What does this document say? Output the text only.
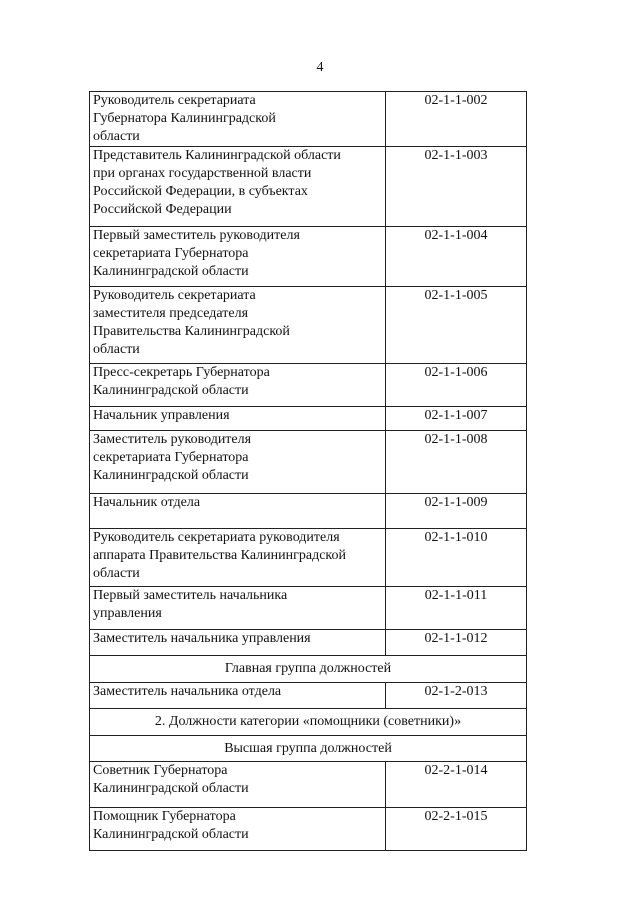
4
Руководитель секретариата Губернатора Калининградской области	02-1-1-002

Представитель Калининградской области при органах государственной власти Российской Федерации, в субъектах Российской Федерации	02-1-1-003

Первый заместитель руководителя секретариата Губернатора Калининградской области	02-1-1-004

Руководитель секретариата заместителя председателя Правительства Калининградской области	02-1-1-005

Пресс-секретарь Губернатора Калининградской области	02-1-1-006

Начальник управления	02-1-1-007

Заместитель руководителя секретариата Губернатора Калининградской области	02-1-1-008

Начальник отдела	02-1-1-009

Руководитель секретариата руководителя аппарата Правительства Калининградской области	02-1-1-010

Первый заместитель начальника управления	02-1-1-011

Заместитель начальника управления	02-1-1-012
Главная группа должностей	

Заместитель начальника отдела	02-1-2-013
2. Должности категории «помощники (советники)»	
Высшая группа должностей	

Советник Губернатора Калининградской области	02-2-1-014

Помощник Губернатора Калининградской области	02-2-1-015
